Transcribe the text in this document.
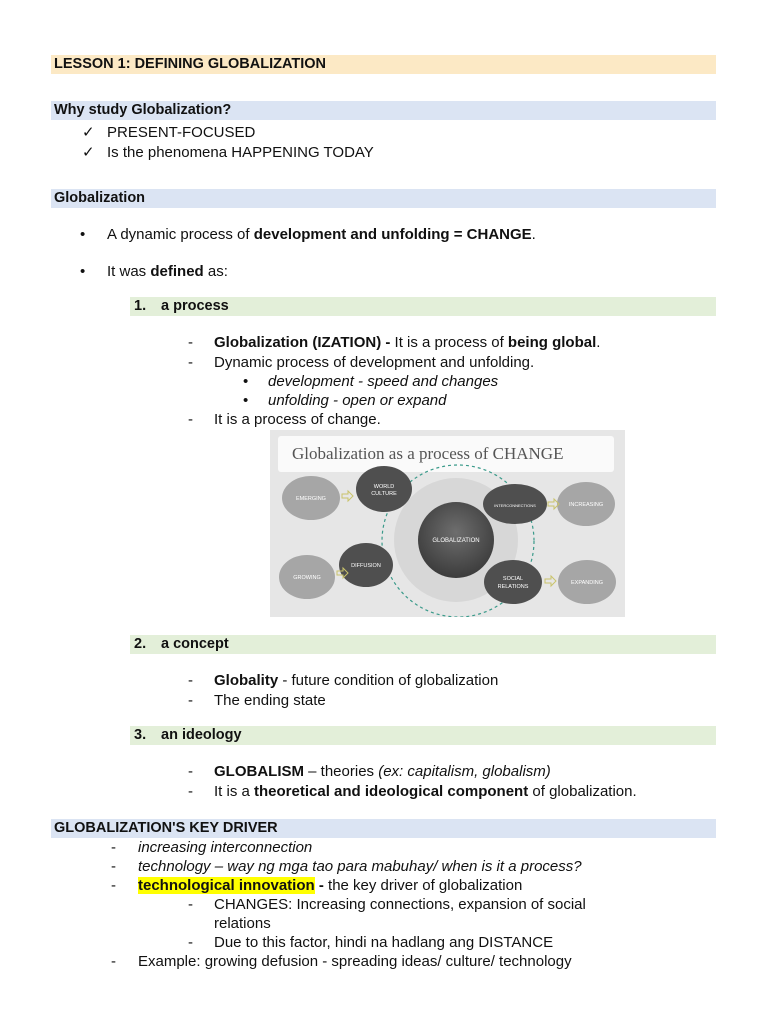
LESSON 1: DEFINING GLOBALIZATION
Why study Globalization?
✓ PRESENT-FOCUSED
✓ Is the phenomena HAPPENING TODAY
Globalization
• A dynamic process of development and unfolding = CHANGE.
• It was defined as:
1. a process
- Globalization (IZATION) - It is a process of being global.
- Dynamic process of development and unfolding.
• development - speed and changes
• unfolding - open or expand
- It is a process of change.
Globalization as a process of CHANGE
GLOBALIZATION
WORLD
CULTURE
INTERCONNECTIONS
DIFFUSION
SOCIAL
RELATIONS
EMERGING
INCREASING
GROWING
EXPANDING
2. a concept
- Globality - future condition of globalization
- The ending state
3. an ideology
- GLOBALISM – theories (ex: capitalism, globalism)
- It is a theoretical and ideological component of globalization.
GLOBALIZATION'S KEY DRIVER
- increasing interconnection
- technology – way ng mga tao para mabuhay/ when is it a process?
- technological innovation - the key driver of globalization
- CHANGES: Increasing connections, expansion of social
relations
- Due to this factor, hindi na hadlang ang DISTANCE
- Example: growing defusion - spreading ideas/ culture/ technology
